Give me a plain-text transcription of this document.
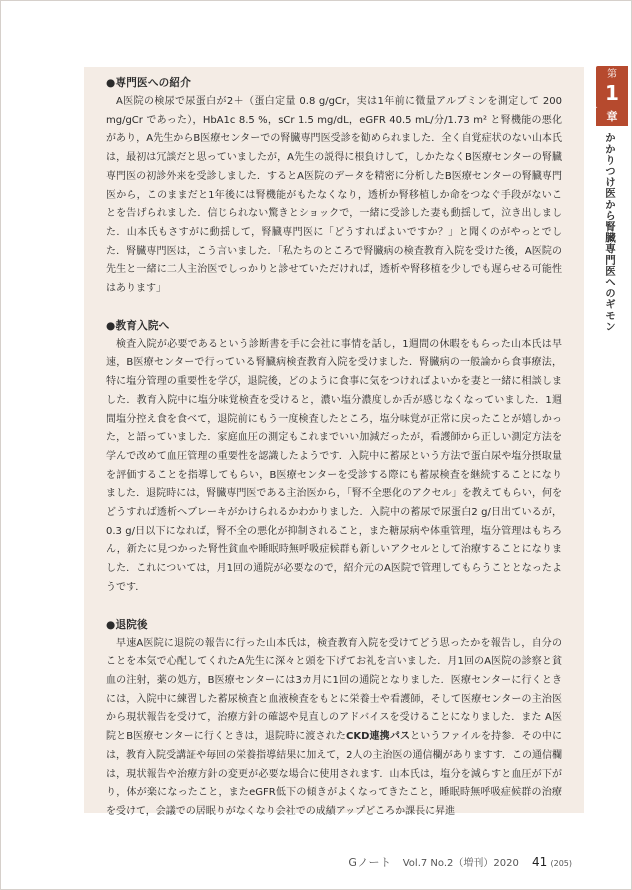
●専門医への紹介

A医院の検尿で尿蛋白が2＋（蛋白定量 0.8 g/gCr，実は1年前に微量アルブミンを測定して 200 mg/gCr であった），HbA1c 8.5 %，sCr 1.5 mg/dL，eGFR 40.5 mL/分/1.73 m² と腎機能の悪化があり，A先生からB医療センターでの腎臓専門医受診を勧められました．全く自覚症状のない山本氏は，最初は冗談だと思っていましたが，A先生の説得に根負けして，しかたなくB医療センターの腎臓専門医の初診外来を受診しました．するとA医院のデータを精密に分析したB医療センターの腎臓専門医から，このままだと1年後には腎機能がもたなくなり，透析か腎移植しか命をつなぐ手段がないことを告げられました．信じられない驚きとショックで，一緒に受診した妻も動揺して，泣き出しました．山本氏もさすがに動揺して，腎臓専門医に「どうすればよいですか？」と聞くのがやっとでした．腎臓専門医は，こう言いました．「私たちのところで腎臓病の検査教育入院を受けた後，A医院の先生と一緒に二人主治医でしっかりと診せていただければ，透析や腎移植を少しでも遅らせる可能性はあります」

●教育入院へ

検査入院が必要であるという診断書を手に会社に事情を話し，1週間の休暇をもらった山本氏は早速，B医療センターで行っている腎臓病検査教育入院を受けました．腎臓病の一般論から食事療法，特に塩分管理の重要性を学び，退院後，どのように食事に気をつければよいかを妻と一緒に相談しました．教育入院中に塩分味覚検査を受けると，濃い塩分濃度しか舌が感じなくなっていました．1週間塩分控え食を食べて，退院前にもう一度検査したところ，塩分味覚が正常に戻ったことが嬉しかった，と語っていました．家庭血圧の測定もこれまでいい加減だったが，看護師から正しい測定方法を学んで改めて血圧管理の重要性を認識したようです．入院中に蓄尿という方法で蛋白尿や塩分摂取量を評価することを指導してもらい，B医療センターを受診する際にも蓄尿検査を継続することになりました．退院時には，腎臓専門医である主治医から，「腎不全悪化のアクセル」を教えてもらい，何をどうすれば透析へブレーキがかけられるかわかりました．入院中の蓄尿で尿蛋白2 g/日出ているが，0.3 g/日以下になれば，腎不全の悪化が抑制されること，また糖尿病や体重管理，塩分管理はもちろん，新たに見つかった腎性貧血や睡眠時無呼吸症候群も新しいアクセルとして治療することになりました．これについては，月1回の通院が必要なので，紹介元のA医院で管理してもらうこととなったようです．

●退院後

早速A医院に退院の報告に行った山本氏は，検査教育入院を受けてどう思ったかを報告し，自分のことを本気で心配してくれたA先生に深々と頭を下げてお礼を言いました．月1回のA医院の診察と貧血の注射，薬の処方，B医療センターには3カ月に1回の通院となりました．医療センターに行くときには，入院中に練習した蓄尿検査と血液検査をもとに栄養士や看護師，そして医療センターの主治医から現状報告を受けて，治療方針の確認や見直しのアドバイスを受けることになりました．また A医院とB医療センターに行くときは，退院時に渡されたCKD連携パスというファイルを持参．その中には，教育入院受講証や毎回の栄養指導結果に加えて，2人の主治医の通信欄がありますす．この通信欄は，現状報告や治療方針の変更が必要な場合に使用されます．山本氏は，塩分を減らすと血圧が下がり，体が楽になったこと，またeGFR低下の傾きがよくなってきたこと，睡眠時無呼吸症候群の治療を受けて，会議での居眠りがなくなり会社での成績アップどころか課長に昇進

第
1
章
かかりつけ医から腎臓専門医へのギモン
Gノート Vol.7 No.2（増刊）2020 41 (205)
